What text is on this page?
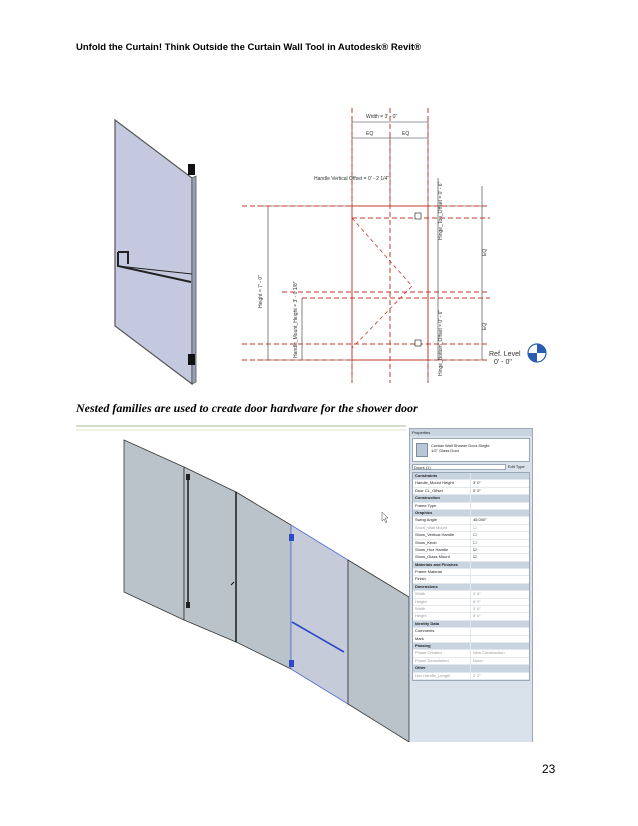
Unfold the Curtain! Think Outside the Curtain Wall Tool in Autodesk® Revit®
Width = 3' - 0"
EQ	EQ
Handle Vertical Offset = 0' - 2 1/4"
Height = 7' - 0"	Handle_Mount_Height = 3' - 0 1/8"
Hinge_Top_Offset = 0' - 6"
Hinge_Bottom_Offset = 0' - 6"
EQ
EQ
Ref. Level
0' - 0"
Nested families are used to create door hardware for the shower door
Properties
Curtain Wall Shower Door-Single
1/2" Glass Door
Doors (1)	Edit Type
Constraints
Handle_Mount Height	3' 0"
Door CL_Offset	0' 0"
Construction
Frame Type
Graphics
Swing Angle	45.000°
Show_Wall Mount	☐
Show_Vertical Handle	☐
Show_Knob	☐
Show_Hoz Handle	☑
Show_Glass Mount	☑
Materials and Finishes
Frame Material
Finish
Dimensions
Width	3' 6"
Height	8' 0"
Width	3' 6"
Height	8' 0"
Identity Data
Comments
Mark
Phasing
Phase Created	New Construction
Phase Demolished	None
Other
Hoz Handle_Length	2' 2"
23
